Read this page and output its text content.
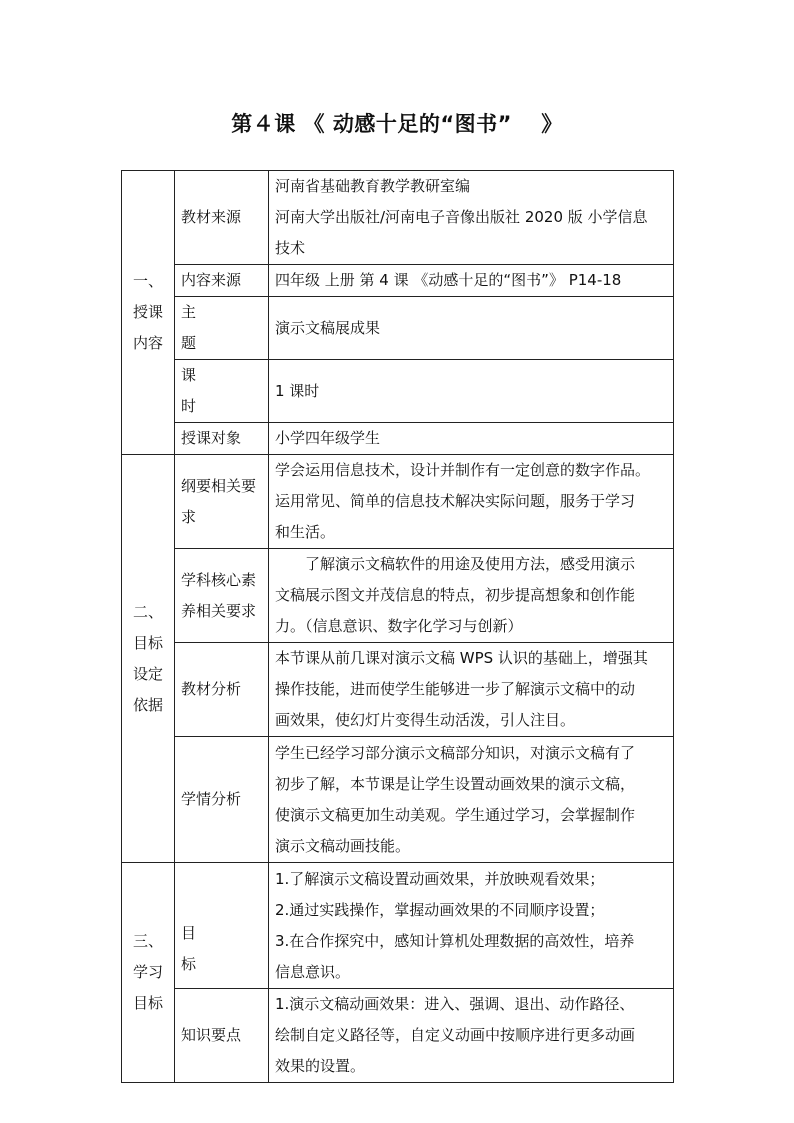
第４课 《 动感十足的“图书”　 》
一、
授课
内容	教材来源	河南省基础教育教学教研室编
河南大学出版社/河南电子音像出版社 2020 版 小学信息
技术

	内容来源	四年级 上册 第 4 课 《动感十足的“图书”》 P14-18
	主　题	演示文稿展成果
	课　时	1 课时
	授课对象	小学四年级学生

二、
目标
设定
依据	纲要相关要求	学会运用信息技术，设计并制作有一定创意的数字作品。
运用常见、简单的信息技术解决实际问题，服务于学习
和生活。

	学科核心素养相关要求	了解演示文稿软件的用途及使用方法，感受用演示
文稿展示图文并茂信息的特点，初步提高想象和创作能
力。（信息意识、数字化学习与创新）

	教材分析	本节课从前几课对演示文稿 WPS 认识的基础上，增强其
操作技能，进而使学生能够进一步了解演示文稿中的动
画效果，使幻灯片变得生动活泼，引人注目。

	学情分析	学生已经学习部分演示文稿部分知识，对演示文稿有了
初步了解，本节课是让学生设置动画效果的演示文稿，
使演示文稿更加生动美观。学生通过学习，会掌握制作
演示文稿动画技能。

三、
学习
目标	目　标	1.了解演示文稿设置动画效果，并放映观看效果；
2.通过实践操作，掌握动画效果的不同顺序设置；
3.在合作探究中，感知计算机处理数据的高效性，培养
信息意识。

	知识要点	1.演示文稿动画效果：进入、强调、退出、动作路径、
绘制自定义路径等，自定义动画中按顺序进行更多动画
效果的设置。
